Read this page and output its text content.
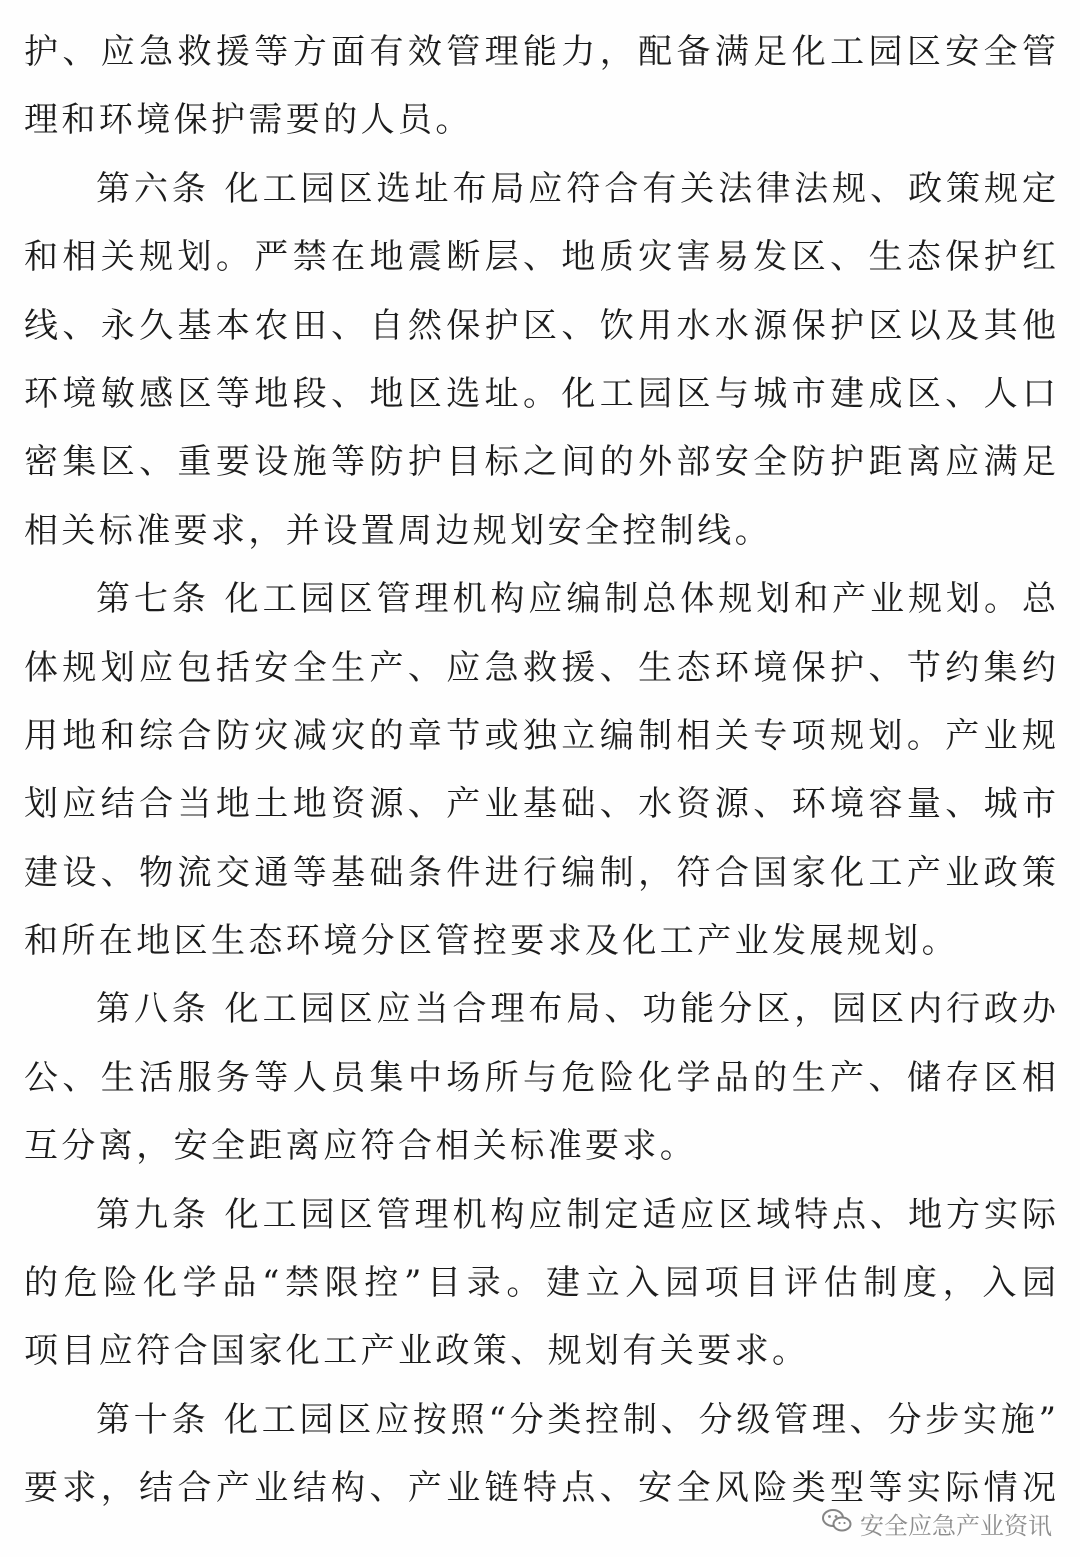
护、应急救援等方面有效管理能力，配备满足化工园区安全管
理和环境保护需要的人员。
第六条 化工园区选址布局应符合有关法律法规、政策规定
和相关规划。严禁在地震断层、地质灾害易发区、生态保护红
线、永久基本农田、自然保护区、饮用水水源保护区以及其他
环境敏感区等地段、地区选址。化工园区与城市建成区、人口
密集区、重要设施等防护目标之间的外部安全防护距离应满足
相关标准要求，并设置周边规划安全控制线。
第七条 化工园区管理机构应编制总体规划和产业规划。总
体规划应包括安全生产、应急救援、生态环境保护、节约集约
用地和综合防灾减灾的章节或独立编制相关专项规划。产业规
划应结合当地土地资源、产业基础、水资源、环境容量、城市
建设、物流交通等基础条件进行编制，符合国家化工产业政策
和所在地区生态环境分区管控要求及化工产业发展规划。
第八条 化工园区应当合理布局、功能分区，园区内行政办
公、生活服务等人员集中场所与危险化学品的生产、储存区相
互分离，安全距离应符合相关标准要求。
第九条 化工园区管理机构应制定适应区域特点、地方实际
的危险化学品“禁限控”目录。建立入园项目评估制度，入园
项目应符合国家化工产业政策、规划有关要求。
第十条 化工园区应按照“分类控制、分级管理、分步实施”
要求，结合产业结构、产业链特点、安全风险类型等实际情况
安全应急产业资讯
